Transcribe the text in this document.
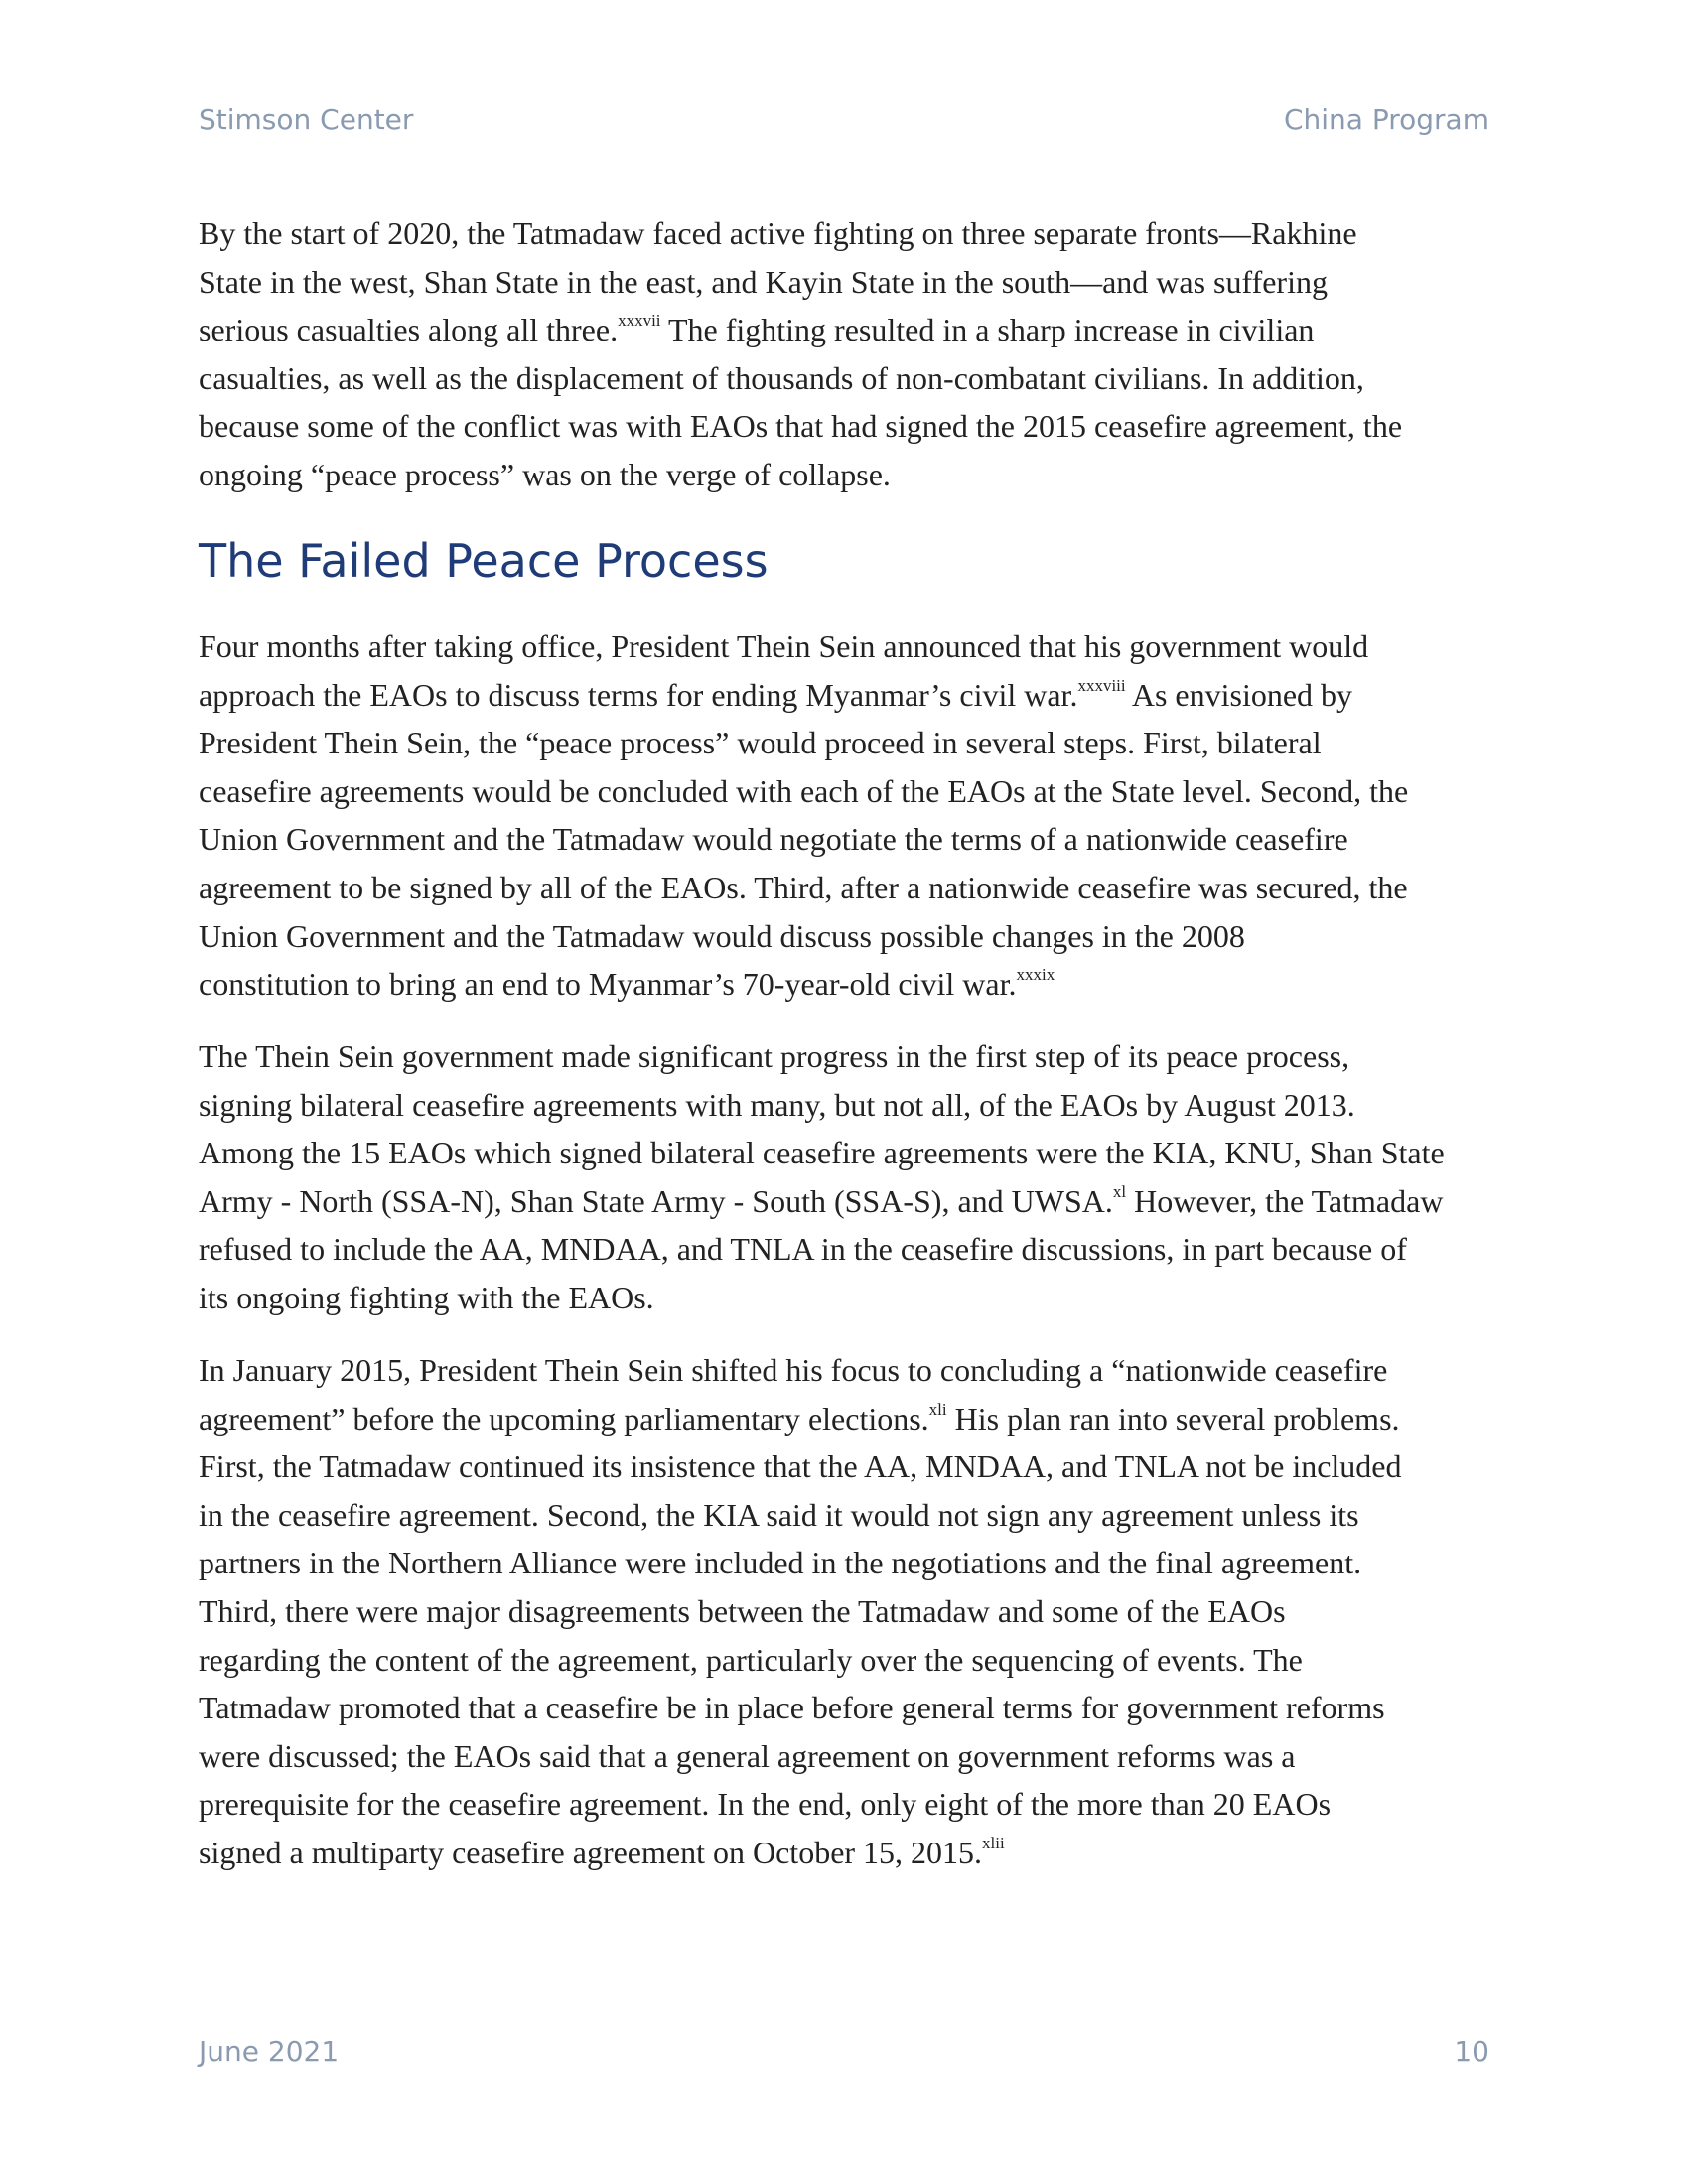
Stimson Center	China Program
By the start of 2020, the Tatmadaw faced active fighting on three separate fronts—Rakhine
State in the west, Shan State in the east, and Kayin State in the south—and was suffering
serious casualties along all three.$^{xxxvii}$ The fighting resulted in a sharp increase in civilian
casualties, as well as the displacement of thousands of non-combatant civilians. In addition,
because some of the conflict was with EAOs that had signed the 2015 ceasefire agreement, the
ongoing “peace process” was on the verge of collapse.
The Failed Peace Process
Four months after taking office, President Thein Sein announced that his government would
approach the EAOs to discuss terms for ending Myanmar’s civil war.$^{xxxviii}$ As envisioned by
President Thein Sein, the “peace process” would proceed in several steps. First, bilateral
ceasefire agreements would be concluded with each of the EAOs at the State level. Second, the
Union Government and the Tatmadaw would negotiate the terms of a nationwide ceasefire
agreement to be signed by all of the EAOs. Third, after a nationwide ceasefire was secured, the
Union Government and the Tatmadaw would discuss possible changes in the 2008
constitution to bring an end to Myanmar’s 70-year-old civil war.$^{xxxix}$
The Thein Sein government made significant progress in the first step of its peace process,
signing bilateral ceasefire agreements with many, but not all, of the EAOs by August 2013.
Among the 15 EAOs which signed bilateral ceasefire agreements were the KIA, KNU, Shan State
Army - North (SSA-N), Shan State Army - South (SSA-S), and UWSA.$^{xl}$ However, the Tatmadaw
refused to include the AA, MNDAA, and TNLA in the ceasefire discussions, in part because of
its ongoing fighting with the EAOs.
In January 2015, President Thein Sein shifted his focus to concluding a “nationwide ceasefire
agreement” before the upcoming parliamentary elections.$^{xli}$ His plan ran into several problems.
First, the Tatmadaw continued its insistence that the AA, MNDAA, and TNLA not be included
in the ceasefire agreement. Second, the KIA said it would not sign any agreement unless its
partners in the Northern Alliance were included in the negotiations and the final agreement.
Third, there were major disagreements between the Tatmadaw and some of the EAOs
regarding the content of the agreement, particularly over the sequencing of events. The
Tatmadaw promoted that a ceasefire be in place before general terms for government reforms
were discussed; the EAOs said that a general agreement on government reforms was a
prerequisite for the ceasefire agreement. In the end, only eight of the more than 20 EAOs
signed a multiparty ceasefire agreement on October 15, 2015.$^{xlii}$
June 2021	10
